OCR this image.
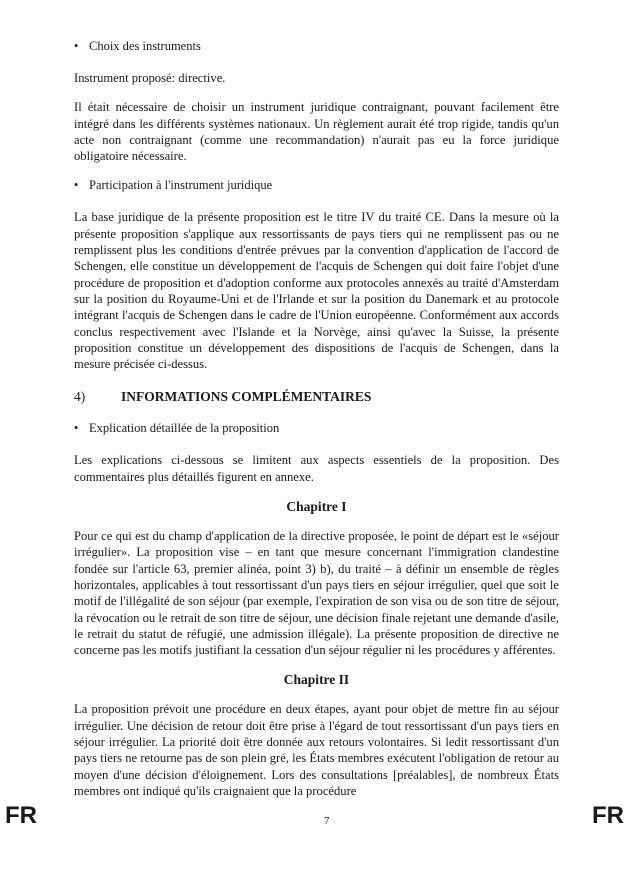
• Choix des instruments

Instrument proposé: directive.

Il était nécessaire de choisir un instrument juridique contraignant, pouvant facilement être intégré dans les différents systèmes nationaux. Un règlement aurait été trop rigide, tandis qu'un acte non contraignant (comme une recommandation) n'aurait pas eu la force juridique obligatoire nécessaire.

• Participation à l'instrument juridique

La base juridique de la présente proposition est le titre IV du traité CE. Dans la mesure où la présente proposition s'applique aux ressortissants de pays tiers qui ne remplissent pas ou ne remplissent plus les conditions d'entrée prévues par la convention d'application de l'accord de Schengen, elle constitue un développement de l'acquis de Schengen qui doit faire l'objet d'une procédure de proposition et d'adoption conforme aux protocoles annexés au traité d'Amsterdam sur la position du Royaume-Uni et de l'Irlande et sur la position du Danemark et au protocole intégrant l'acquis de Schengen dans le cadre de l'Union européenne. Conformément aux accords conclus respectivement avec l'Islande et la Norvège, ainsi qu'avec la Suisse, la présente proposition constitue un développement des dispositions de l'acquis de Schengen, dans la mesure précisée ci-dessus.

4)	INFORMATIONS COMPLÉMENTAIRES
• Explication détaillée de la proposition

Les explications ci-dessous se limitent aux aspects essentiels de la proposition. Des commentaires plus détaillés figurent en annexe.

Chapitre I

Pour ce qui est du champ d'application de la directive proposée, le point de départ est le «séjour irrégulier». La proposition vise – en tant que mesure concernant l'immigration clandestine fondée sur l'article 63, premier alinéa, point 3) b), du traité – à définir un ensemble de règles horizontales, applicables à tout ressortissant d'un pays tiers en séjour irrégulier, quel que soit le motif de l'illégalité de son séjour (par exemple, l'expiration de son visa ou de son titre de séjour, la révocation ou le retrait de son titre de séjour, une décision finale rejetant une demande d'asile, le retrait du statut de réfugié, une admission illégale). La présente proposition de directive ne concerne pas les motifs justifiant la cessation d'un séjour régulier ni les procédures y afférentes.

Chapitre II

La proposition prévoit une procédure en deux étapes, ayant pour objet de mettre fin au séjour irrégulier. Une décision de retour doit être prise à l'égard de tout ressortissant d'un pays tiers en séjour irrégulier. La priorité doit être donnée aux retours volontaires. Si ledit ressortissant d'un pays tiers ne retourne pas de son plein gré, les États membres exécutent l'obligation de retour au moyen d'une décision d'éloignement. Lors des consultations [préalables], de nombreux États membres ont indiqué qu'ils craignaient que la procédure

FR	7	FR
